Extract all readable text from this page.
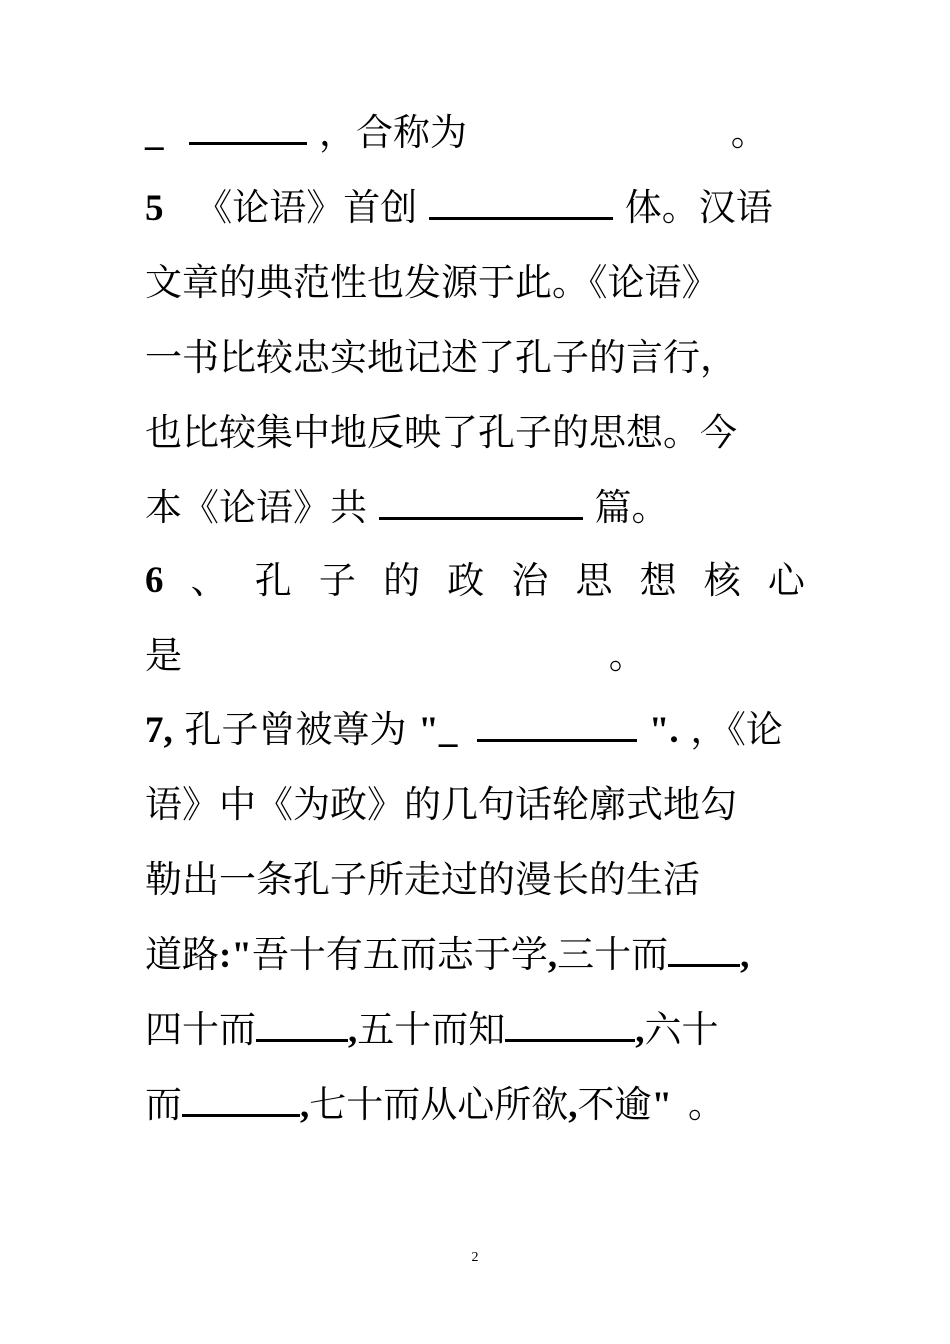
_	，合称为	。
5 《论语》首创	体。汉语
文章的典范性也发源于此。《论语》
一书比较忠实地记述了孔子的言行，
也比较集中地反映了孔子的思想。今
本《论语》共	篇。
6 、 孔 子 的 政 治 思 想 核 心
是	。
7, 孔子曾被尊为 "_	". ，《论
语》中《为政》的几句话轮廓式地勾
勒出一条孔子所走过的漫长的生活
道路:"吾十有五而志于学,三十而 ,
四十而 ,五十而知	,六十
而	,七十而从心所欲,不逾" 。
2
